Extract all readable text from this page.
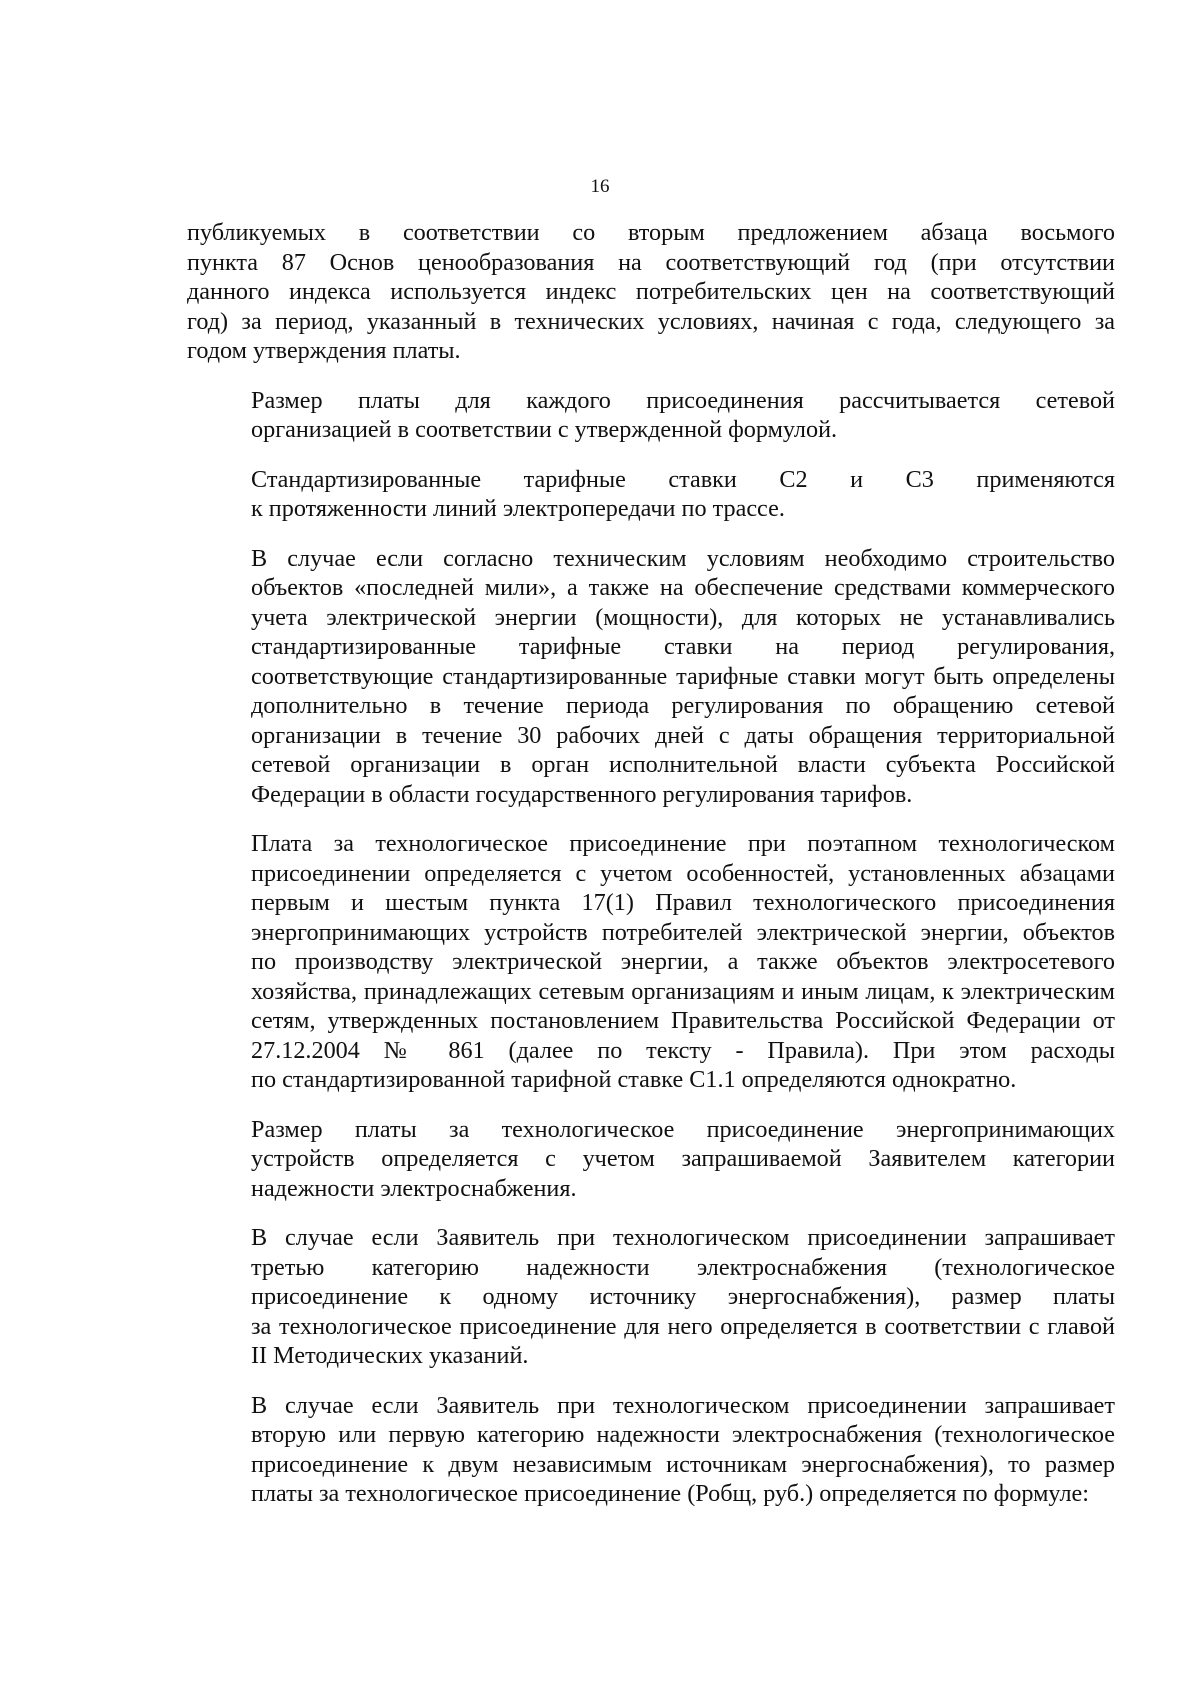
16
публикуемых в соответствии со вторым предложением абзаца восьмого
пункта 87 Основ ценообразования на соответствующий год (при отсутствии
данного индекса используется индекс потребительских цен на соответствующий
год) за период, указанный в технических условиях, начиная с года, следующего за
годом утверждения платы.
Размер платы для каждого присоединения рассчитывается сетевой
организацией в соответствии с утвержденной формулой.
Стандартизированные тарифные ставки С2 и С3 применяются
к протяженности линий электропередачи по трассе.
В случае если согласно техническим условиям необходимо строительство
объектов «последней мили», а также на обеспечение средствами коммерческого
учета электрической энергии (мощности), для которых не устанавливались
стандартизированные тарифные ставки на период регулирования,
соответствующие стандартизированные тарифные ставки могут быть определены
дополнительно в течение периода регулирования по обращению сетевой
организации в течение 30 рабочих дней с даты обращения территориальной
сетевой организации в орган исполнительной власти субъекта Российской
Федерации в области государственного регулирования тарифов.
Плата за технологическое присоединение при поэтапном технологическом
присоединении определяется с учетом особенностей, установленных абзацами
первым и шестым пункта 17(1) Правил технологического присоединения
энергопринимающих устройств потребителей электрической энергии, объектов
по производству электрической энергии, а также объектов электросетевого
хозяйства, принадлежащих сетевым организациям и иным лицам, к электрическим
сетям, утвержденных постановлением Правительства Российской Федерации от
27.12.2004 № 861 (далее по тексту - Правила). При этом расходы
по стандартизированной тарифной ставке С1.1 определяются однократно.
Размер платы за технологическое присоединение энергопринимающих
устройств определяется с учетом запрашиваемой Заявителем категории
надежности электроснабжения.
В случае если Заявитель при технологическом присоединении запрашивает
третью категорию надежности электроснабжения (технологическое
присоединение к одному источнику энергоснабжения), размер платы
за технологическое присоединение для него определяется в соответствии с главой
II Методических указаний.
В случае если Заявитель при технологическом присоединении запрашивает
вторую или первую категорию надежности электроснабжения (технологическое
присоединение к двум независимым источникам энергоснабжения), то размер
платы за технологическое присоединение (Робщ, руб.) определяется по формуле:
